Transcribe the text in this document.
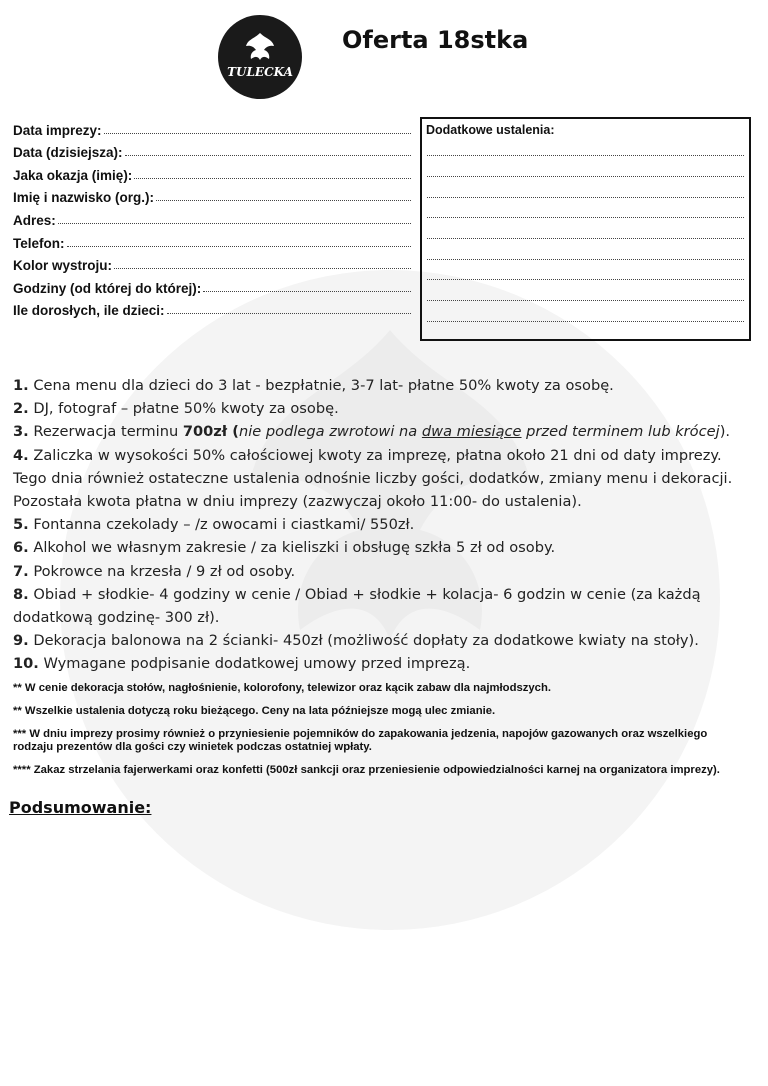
TULECKA
Oferta 18stka
Data imprezy:
Data (dzisiejsza):
Jaka okazja (imię):
Imię i nazwisko (org.):
Adres:
Telefon:
Kolor wystroju:
Godziny (od której do której):
Ile dorosłych, ile dzieci:
Dodatkowe ustalenia:
1. Cena menu dla dzieci do 3 lat - bezpłatnie, 3-7 lat- płatne 50% kwoty za osobę.
2. DJ, fotograf – płatne 50% kwoty za osobę.
3. Rezerwacja terminu 700zł (nie podlega zwrotowi na dwa miesiące przed terminem lub krócej).
4. Zaliczka w wysokości 50% całościowej kwoty za imprezę, płatna około 21 dni od daty imprezy. Tego dnia również ostateczne ustalenia odnośnie liczby gości, dodatków, zmiany menu i dekoracji. Pozostała kwota płatna w dniu imprezy (zazwyczaj około 11:00- do ustalenia).
5. Fontanna czekolady – /z owocami i ciastkami/ 550zł.
6. Alkohol we własnym zakresie / za kieliszki i obsługę szkła 5 zł od osoby.
7. Pokrowce na krzesła / 9 zł od osoby.
8. Obiad + słodkie- 4 godziny w cenie / Obiad + słodkie + kolacja- 6 godzin w cenie (za każdą dodatkową godzinę- 300 zł).
9. Dekoracja balonowa na 2 ścianki- 450zł (możliwość dopłaty za dodatkowe kwiaty na stoły).
10. Wymagane podpisanie dodatkowej umowy przed imprezą.

** W cenie dekoracja stołów, nagłośnienie, kolorofony, telewizor oraz kącik zabaw dla najmłodszych.

** Wszelkie ustalenia dotyczą roku bieżącego. Ceny na lata późniejsze mogą ulec zmianie.

*** W dniu imprezy prosimy również o przyniesienie pojemników do zapakowania jedzenia, napojów gazowanych oraz wszelkiego rodzaju prezentów dla gości czy winietek podczas ostatniej wpłaty.

**** Zakaz strzelania fajerwerkami oraz konfetti (500zł sankcji oraz przeniesienie odpowiedzialności karnej na organizatora imprezy).

Podsumowanie:
